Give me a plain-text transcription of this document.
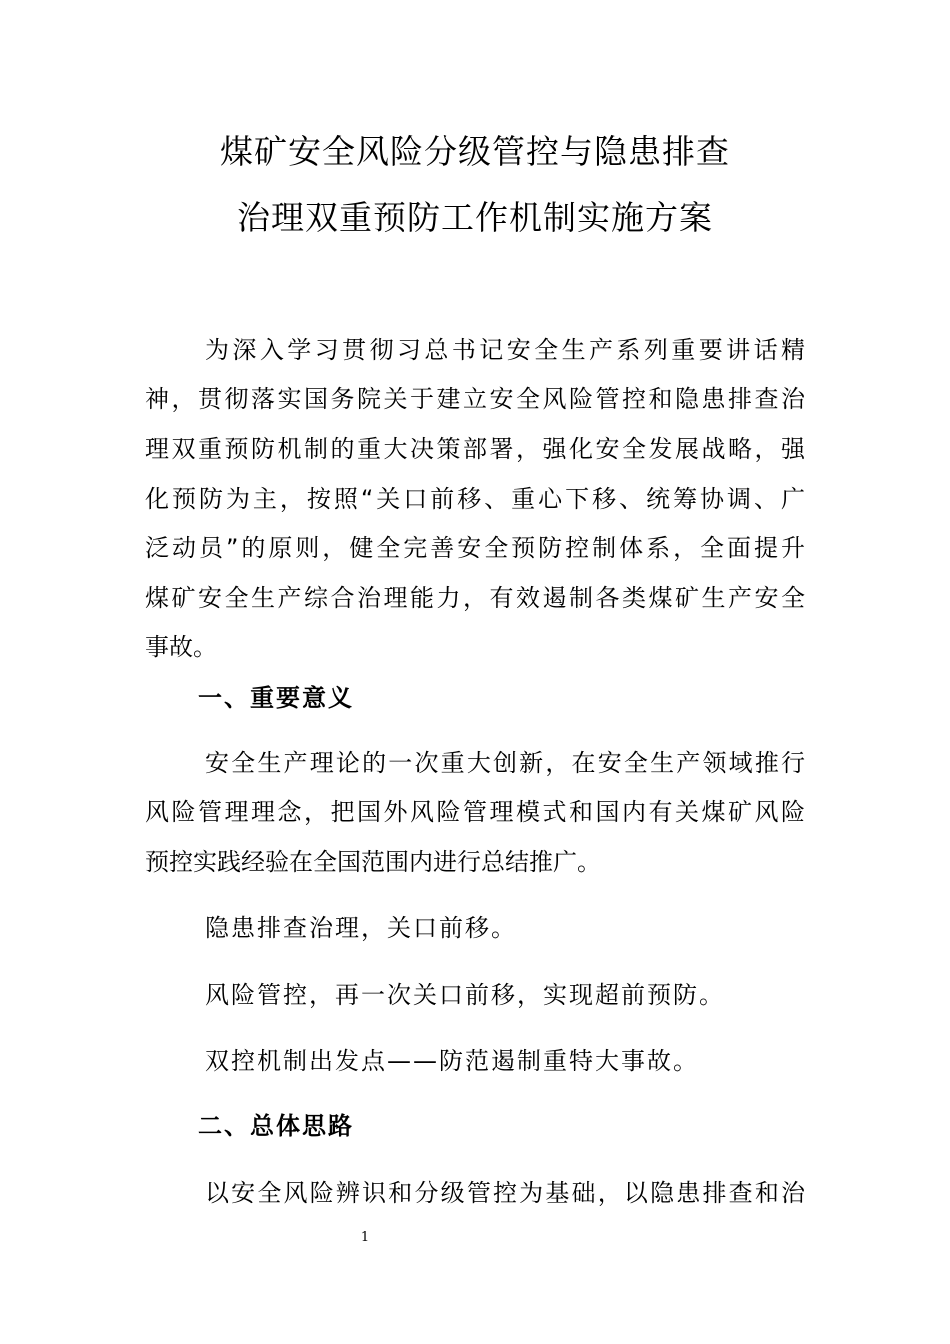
煤矿安全风险分级管控与隐患排查
治理双重预防工作机制实施方案
为深入学习贯彻习总书记安全生产系列重要讲话精
神，贯彻落实国务院关于建立安全风险管控和隐患排查治
理双重预防机制的重大决策部署，强化安全发展战略，强
化预防为主，按照“关口前移、重心下移、统筹协调、广
泛动员”的原则，健全完善安全预防控制体系，全面提升
煤矿安全生产综合治理能力，有效遏制各类煤矿生产安全
事故。
一、重要意义
安全生产理论的一次重大创新，在安全生产领域推行
风险管理理念，把国外风险管理模式和国内有关煤矿风险
预控实践经验在全国范围内进行总结推广。
隐患排查治理，关口前移。
风险管控，再一次关口前移，实现超前预防。
双控机制出发点——防范遏制重特大事故。
二、总体思路
以安全风险辨识和分级管控为基础，以隐患排查和治
1
